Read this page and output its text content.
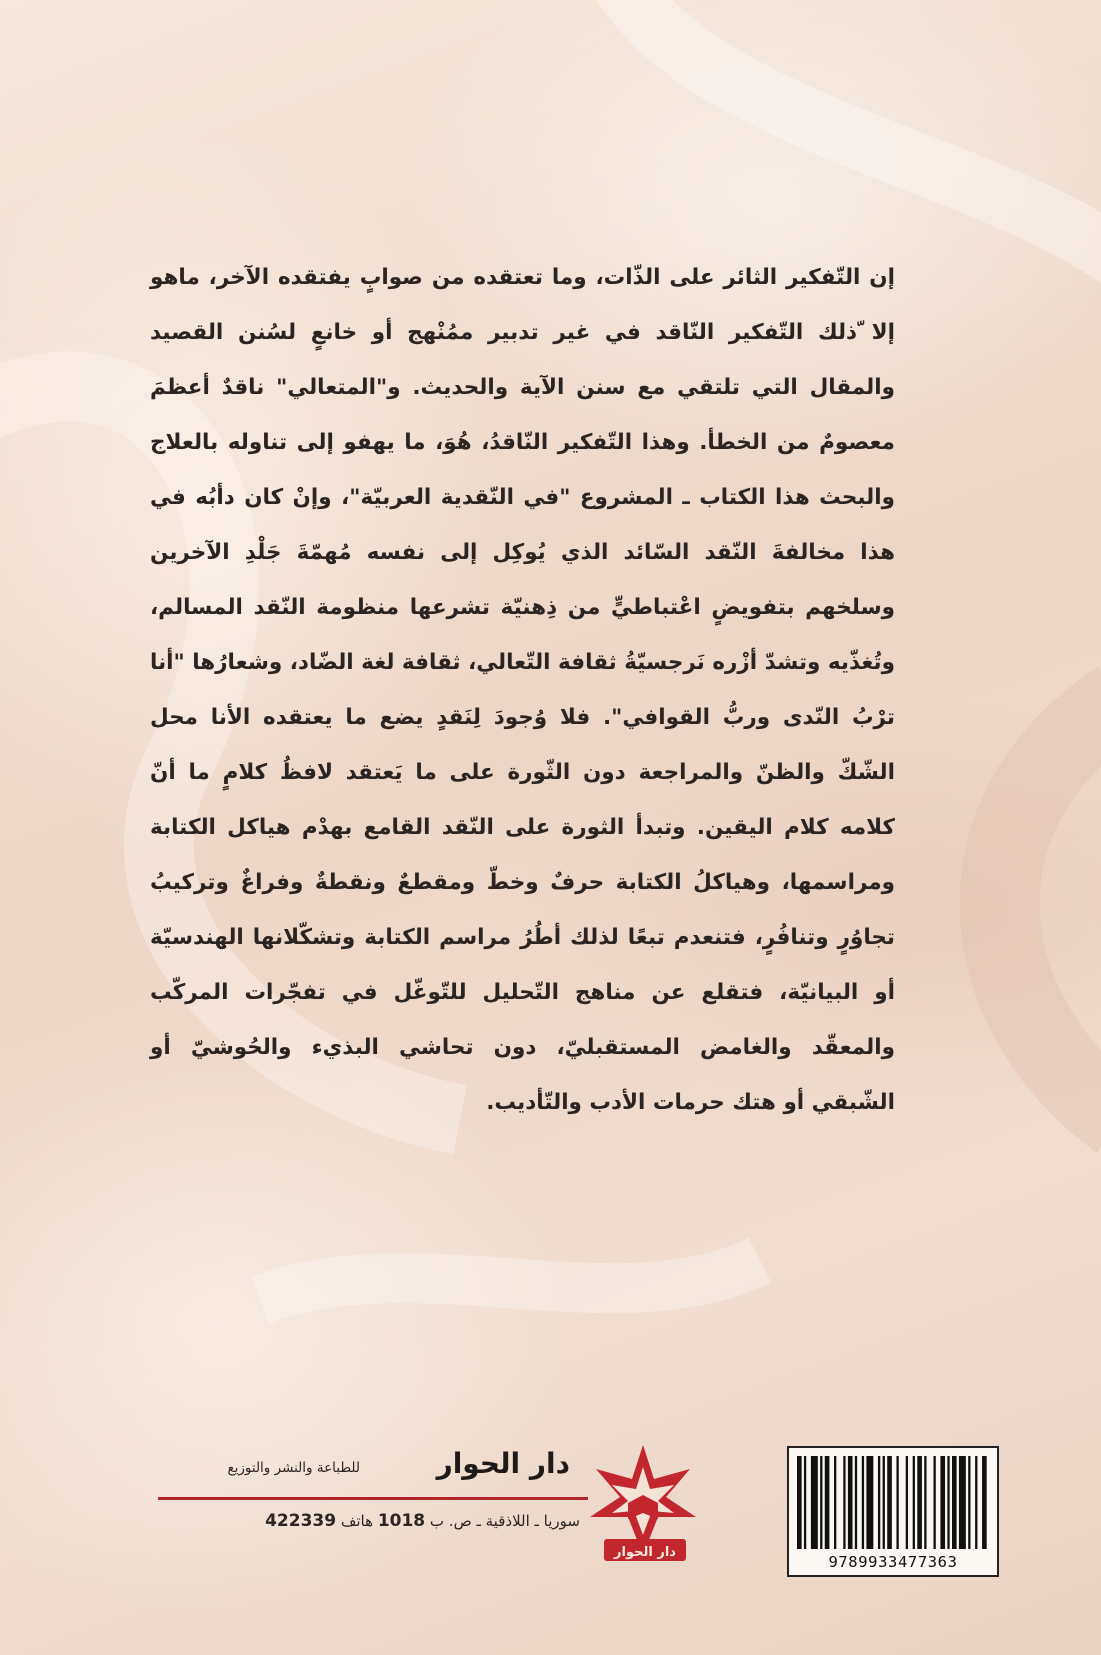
إن التّفكير الثائر على الذّات، وما تعتقده من صوابٍ يفتقده الآخر، ماهو إلا ّذلك التّفكير النّاقد في غير تدبير ممُنْهج أو خانعٍ لسُنن القصيد والمقال التي تلتقي مع سنن الآية والحديث. و"المتعالي" ناقدٌ أعظمَ معصومٌ من الخطأ. وهذا التّفكير النّاقدُ، هُوَ، ما يهفو إلى تناوله بالعلاج والبحث هذا الكتاب ـ المشروع "في النّقدية العربيّة"، وإنْ كان دأبُه في هذا مخالفةَ النّقد السّائد الذي يُوكِل إلى نفسه مُهمّةَ جَلْدِ الآخرين وسلخهم بتفويضٍ اعْتباطيٍّ من ذِهنيّة تشرعها منظومة النّقد المسالم، وتُغذّيه وتشدّ أزْره نَرجسيّةُ ثقافة التّعالي، ثقافة لغة الضّاد، وشعارُها "أنا ترْبُ النّدى وربُّ القوافي". فلا وُجودَ لِنَقدٍ يضع ما يعتقده الأنا محل الشّكّ والظنّ والمراجعة دون الثّورة على ما يَعتقد لافظُ كلامٍ ما أنّ كلامه كلام اليقين. وتبدأ الثورة على النّقد القامع بهدْم هياكل الكتابة ومراسمها، وهياكلُ الكتابة حرفٌ وخطّ ومقطعٌ ونقطةٌ وفراغٌ وتركيبُ تجاوُرٍ وتنافُرٍ، فتنعدم تبعًا لذلك أطُرُ مراسم الكتابة وتشكّلانها الهندسيّة أو البيانيّة، فتقلع عن مناهج التّحليل للتّوغّل في تفجّرات المركّب والمعقّد والغامض المستقبليّ، دون تحاشي البذيء والحُوشيّ أو الشّبقي أو هتك حرمات الأدب والتّأديب.

دار الحوار

دار الحوار

للطباعة والنشر والتوزيع

سوريا ـ اللاذقية ـ ص. ب 1018 هاتف 422339

9789933477363
